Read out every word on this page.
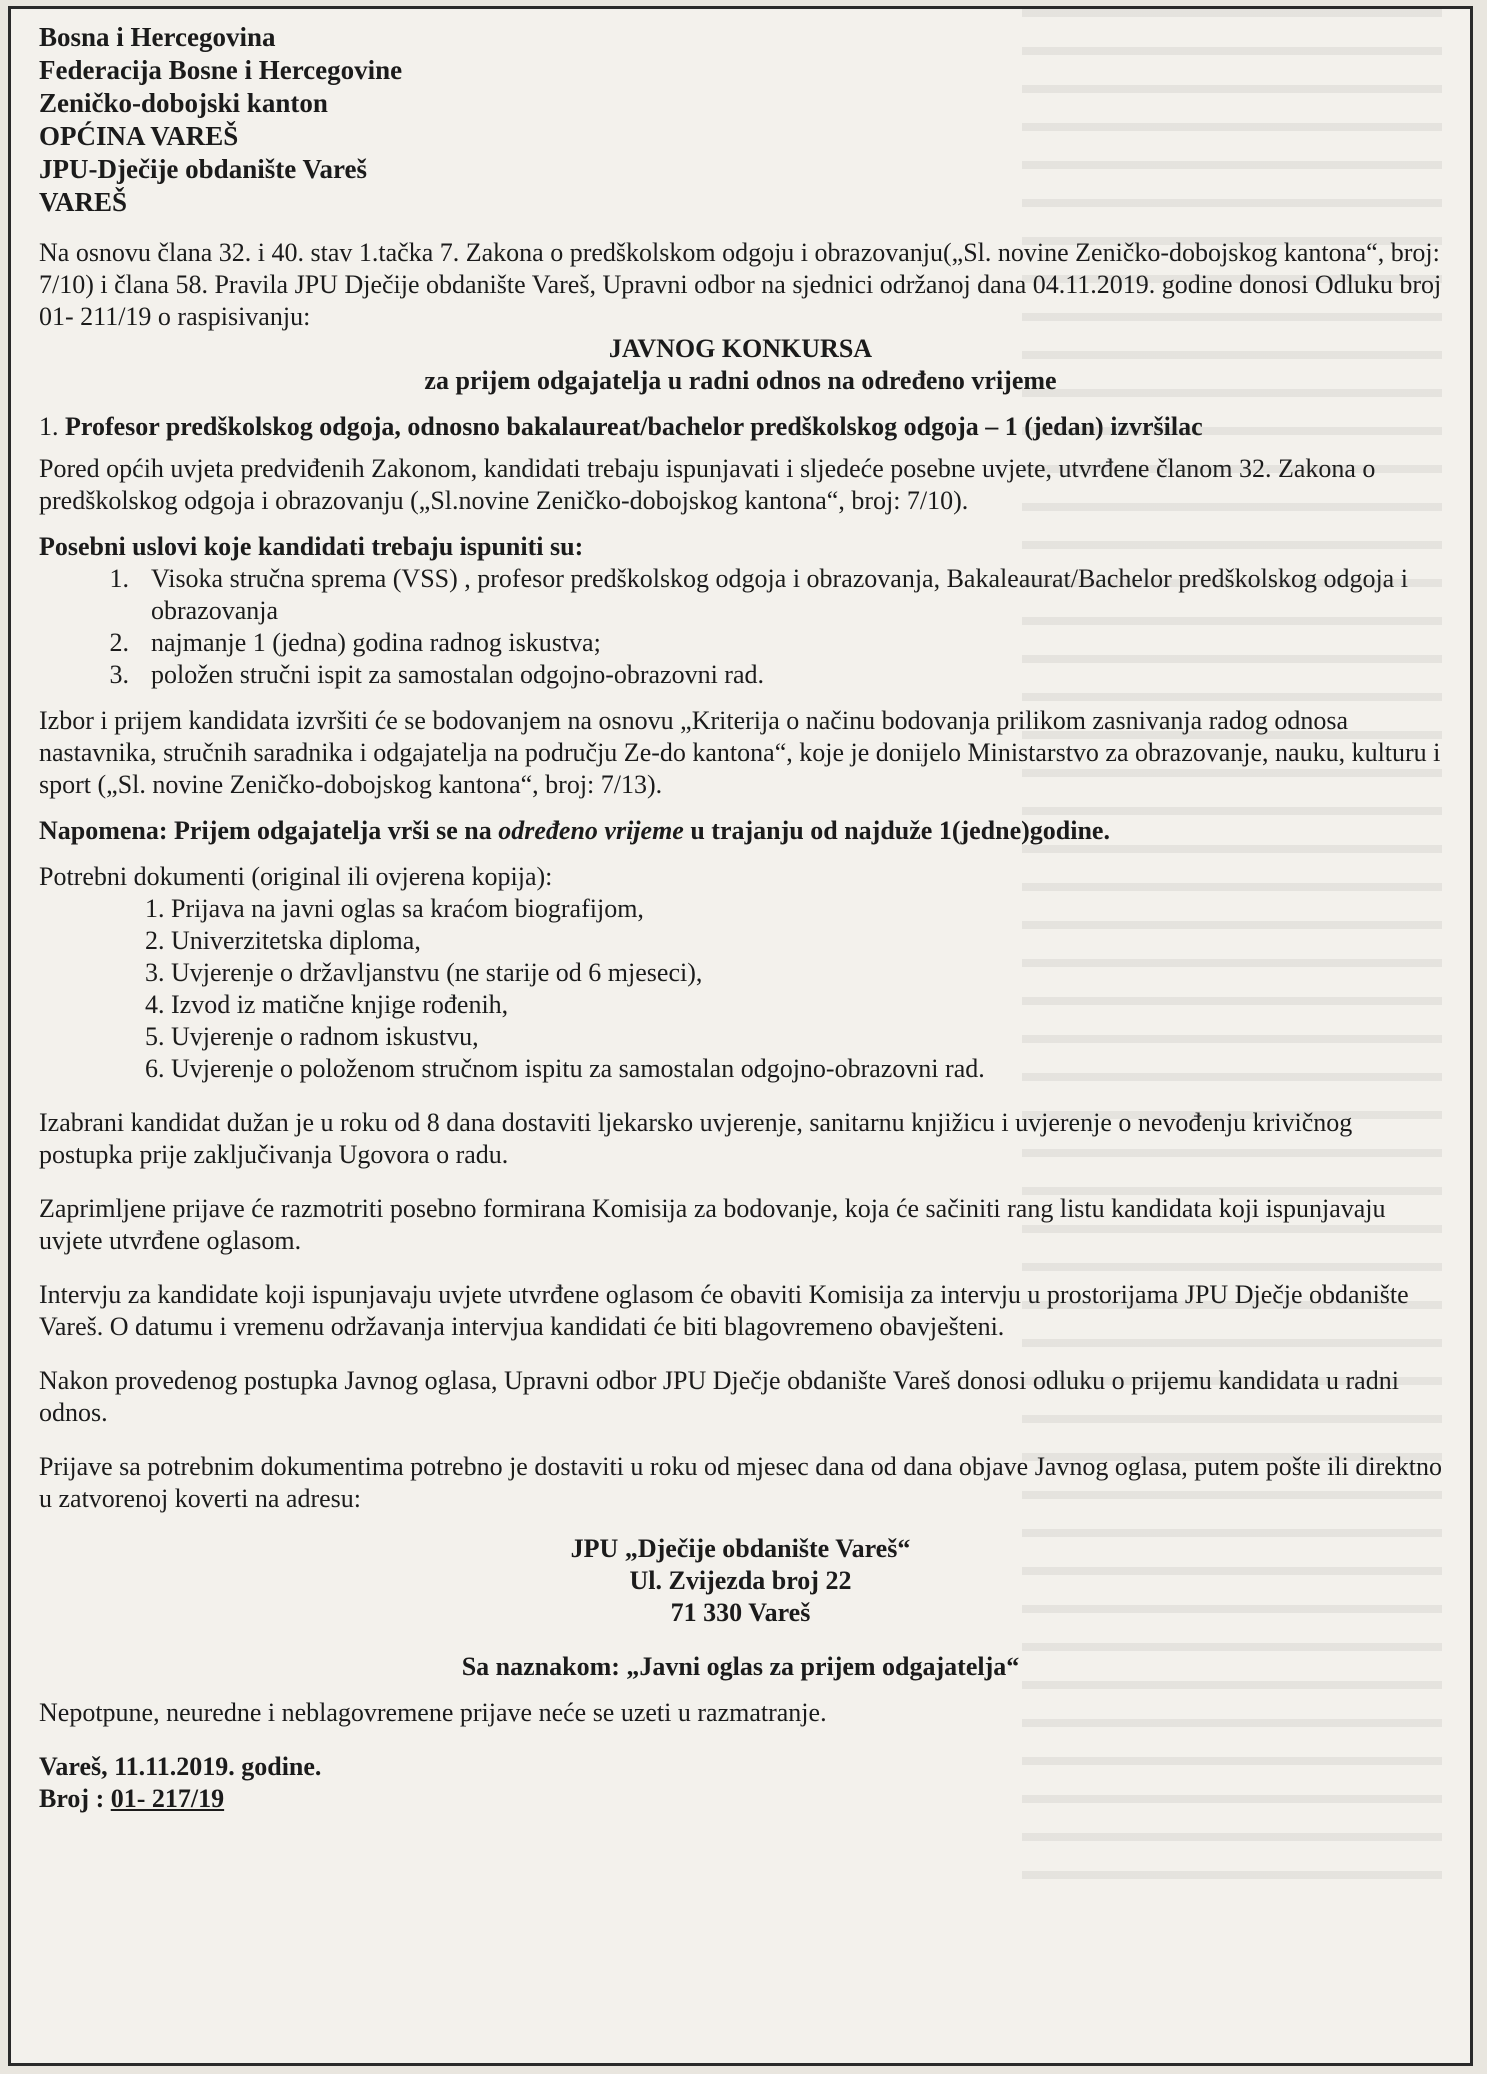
Bosna i Hercegovina
Federacija Bosne i Hercegovine
Zeničko-dobojski kanton
OPĆINA VAREŠ
JPU-Dječije obdanište Vareš
VAREŠ

Na osnovu člana 32. i 40. stav 1.tačka 7. Zakona o predškolskom odgoju i obrazovanju(„Sl. novine Zeničko-dobojskog kantona“, broj: 7/10) i člana 58. Pravila JPU Dječije obdanište Vareš, Upravni odbor na sjednici održanoj dana 04.11.2019. godine donosi Odluku broj 01- 211/19 o raspisivanju:

JAVNOG KONKURSA
za prijem odgajatelja u radni odnos na određeno vrijeme
1. Profesor predškolskog odgoja, odnosno bakalaureat/bachelor predškolskog odgoja – 1 (jedan) izvršilac

Pored općih uvjeta predviđenih Zakonom, kandidati trebaju ispunjavati i sljedeće posebne uvjete, utvrđene članom 32. Zakona o predškolskog odgoja i obrazovanju („Sl.novine Zeničko-dobojskog kantona“, broj: 7/10).

Posebni uslovi koje kandidati trebaju ispuniti su:
1. Visoka stručna sprema (VSS) , profesor predškolskog odgoja i obrazovanja, Bakaleaurat/Bachelor predškolskog odgoja i obrazovanja
2. najmanje 1 (jedna) godina radnog iskustva;
3. položen stručni ispit za samostalan odgojno-obrazovni rad.

Izbor i prijem kandidata izvršiti će se bodovanjem na osnovu „Kriterija o načinu bodovanja prilikom zasnivanja radog odnosa nastavnika, stručnih saradnika i odgajatelja na području Ze-do kantona“, koje je donijelo Ministarstvo za obrazovanje, nauku, kulturu i sport („Sl. novine Zeničko-dobojskog kantona“, broj: 7/13).

Napomena: Prijem odgajatelja vrši se na određeno vrijeme u trajanju od najduže 1(jedne)godine.
Potrebni dokumenti (original ili ovjerena kopija):
1. Prijava na javni oglas sa kraćom biografijom,
2. Univerzitetska diploma,
3. Uvjerenje o državljanstvu (ne starije od 6 mjeseci),
4. Izvod iz matične knjige rođenih,
5. Uvjerenje o radnom iskustvu,
6. Uvjerenje o položenom stručnom ispitu za samostalan odgojno-obrazovni rad.

Izabrani kandidat dužan je u roku od 8 dana dostaviti ljekarsko uvjerenje, sanitarnu knjižicu i uvjerenje o nevođenju krivičnog postupka prije zaključivanja Ugovora o radu.

Zaprimljene prijave će razmotriti posebno formirana Komisija za bodovanje, koja će sačiniti rang listu kandidata koji ispunjavaju uvjete utvrđene oglasom.

Intervju za kandidate koji ispunjavaju uvjete utvrđene oglasom će obaviti Komisija za intervju u prostorijama JPU Dječje obdanište Vareš. O datumu i vremenu održavanja intervjua kandidati će biti blagovremeno obavješteni.

Nakon provedenog postupka Javnog oglasa, Upravni odbor JPU Dječje obdanište Vareš donosi odluku o prijemu kandidata u radni odnos.

Prijave sa potrebnim dokumentima potrebno je dostaviti u roku od mjesec dana od dana objave Javnog oglasa, putem pošte ili direktno u zatvorenoj koverti na adresu:

JPU „Dječije obdanište Vareš“
Ul. Zvijezda broj 22
71 330 Vareš
Sa naznakom: „Javni oglas za prijem odgajatelja“

Nepotpune, neuredne i neblagovremene prijave neće se uzeti u razmatranje.

Vareš, 11.11.2019. godine.
Broj : 01- 217/19
